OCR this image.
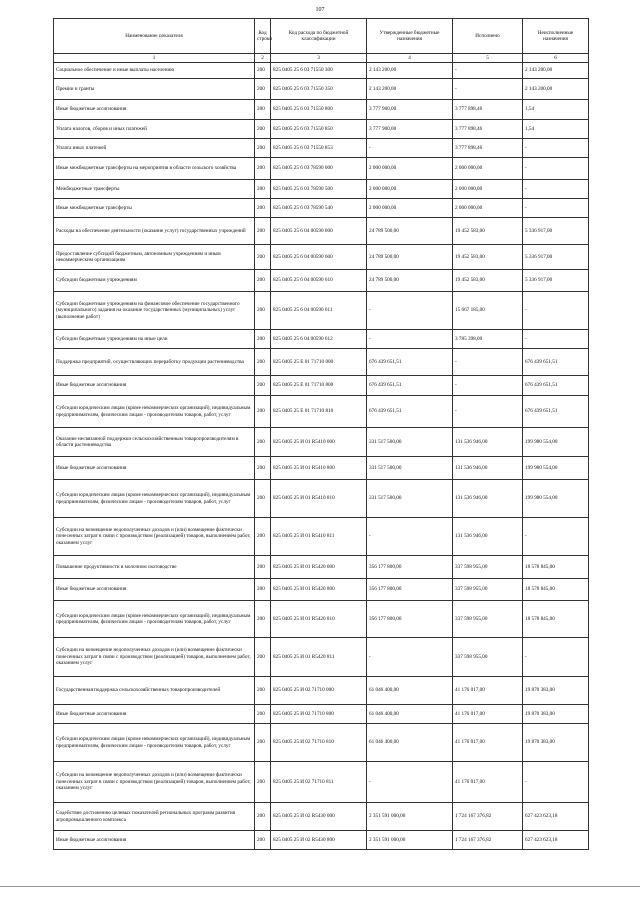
107
Наименование показателя	Код строки	Код расхода по бюджетной классификации	Утвержденные бюджетные назначения	Исполнено	Неисполненные назначения
1	2	3	4	5	6
Социальное обеспечение и иные выплаты населению	200	825 0405 25 6 03 71550 300	2 143 200,00	-	2 143 200,00
Премии и гранты	200	825 0405 25 6 03 71550 350	2 143 200,00	-	2 143 200,00
Иные бюджетные ассигнования	200	825 0405 25 6 03 71550 800	3 777 900,00	3 777 898,46	1,54
Уплата налогов, сборов и иных платежей	200	825 0405 25 6 03 71550 850	3 777 900,00	3 777 898,46	1,54
Уплата иных платежей	200	825 0405 25 6 03 71550 853	-	3 777 898,46	-
Иные межбюджетные трансферты на мероприятия в области сельского хозяйства	200	825 0405 25 6 03 78590 000	2 000 000,00	2 000 000,00	-
Межбюджетные трансферты	200	825 0405 25 6 03 78590 500	2 000 000,00	2 000 000,00	-
Иные межбюджетные трансферты	200	825 0405 25 6 03 78590 540	2 000 000,00	2 000 000,00	-
Расходы на обеспечение деятельности (оказание услуг) государственных учреждений	200	825 0405 25 6 04 00590 000	24 789 500,00	19 452 583,00	5 336 917,00
Предоставление субсидий бюджетным, автономным учреждениям и иным некоммерческим организациям	200	825 0405 25 6 04 00590 600	24 789 500,00	19 452 583,00	5 336 917,00
Субсидии бюджетным учреждениям	200	825 0405 25 6 04 00590 610	24 789 500,00	19 452 583,00	5 336 917,00
Субсидии бюджетным учреждениям на финансовое обеспечение государственного (муниципального) задания на оказание государственных (муниципальных) услуг (выполнение работ)	200	825 0405 25 6 04 00590 611	-	15 667 185,00	-
Субсидии бюджетным учреждениям на иные цели	200	825 0405 25 6 04 00590 612	-	3 785 398,00	-
Поддержка предприятий, осуществляющих переработку продукции растениеводства	200	825 0405 25 Е 01 71710 000	676 439 651,51	-	676 439 651,51
Иные бюджетные ассигнования	200	825 0405 25 Е 01 71710 800	676 439 651,51	-	676 439 651,51
Субсидии юридическим лицам (кроме некоммерческих организаций), индивидуальным предпринимателям, физическим лицам - производителям товаров, работ, услуг	200	825 0405 25 Е 01 71710 810	676 439 651,51	-	676 439 651,51
Оказание несвязанной поддержки сельскохозяйственным товаропроизводителям в области растениеводства	200	825 0405 25 И 01 R5410 000	331 517 500,00	131 536 946,00	199 980 554,00
Иные бюджетные ассигнования	200	825 0405 25 И 01 R5410 800	331 517 500,00	131 536 946,00	199 980 554,00
Субсидии юридическим лицам (кроме некоммерческих организаций), индивидуальным предпринимателям, физическим лицам - производителям товаров, работ, услуг	200	825 0405 25 И 01 R5410 810	331 517 500,00	131 536 946,00	199 980 554,00
Субсидии на возмещение недополученных доходов и (или) возмещение фактически понесенных затрат в связи с производством (реализацией) товаров, выполнением работ, оказанием услуг	200	825 0405 25 И 01 R5410 811	-	131 536 946,00	-
Повышение продуктивности в молочном скотоводстве	200	825 0405 25 И 01 R5420 000	356 177 800,00	337 598 955,00	18 578 845,00
Иные бюджетные ассигнования	200	825 0405 25 И 01 R5420 800	356 177 800,00	337 598 955,00	18 578 845,00
Субсидии юридическим лицам (кроме некоммерческих организаций), индивидуальным предпринимателям, физическим лицам - производителям товаров, работ, услуг	200	825 0405 25 И 01 R5420 810	356 177 800,00	337 598 955,00	18 578 845,00
Субсидии на возмещение недополученных доходов и (или) возмещение фактически понесенных затрат в связи с производством (реализацией) товаров, выполнением работ, оказанием услуг	200	825 0405 25 И 01 R5420 811	-	337 598 955,00	-
Государственная поддержка сельскохозяйственных товаропроизводителей	200	825 0405 25 И 02 71710 000	61 046 400,00	41 176 017,00	19 870 383,00
Иные бюджетные ассигнования	200	825 0405 25 И 02 71710 800	61 046 400,00	41 176 017,00	19 870 383,00
Субсидии юридическим лицам (кроме некоммерческих организаций), индивидуальным предпринимателям, физическим лицам - производителям товаров, работ, услуг	200	825 0405 25 И 02 71710 810	61 046 400,00	41 176 017,00	19 870 383,00
Субсидии на возмещение недополученных доходов и (или) возмещение фактически понесенных затрат в связи с производством (реализацией) товаров, выполнением работ, оказанием услуг	200	825 0405 25 И 02 71710 811	-	41 176 017,00	-
Содействие достижению целевых показателей региональных программ развития агропромышленного комплекса	200	825 0405 25 И 02 R5430 000	2 351 591 000,00	1 724 167 376,82	627 423 623,18
Иные бюджетные ассигнования	200	825 0405 25 И 02 R5430 800	2 351 591 000,00	1 724 167 376,82	627 423 623,18
